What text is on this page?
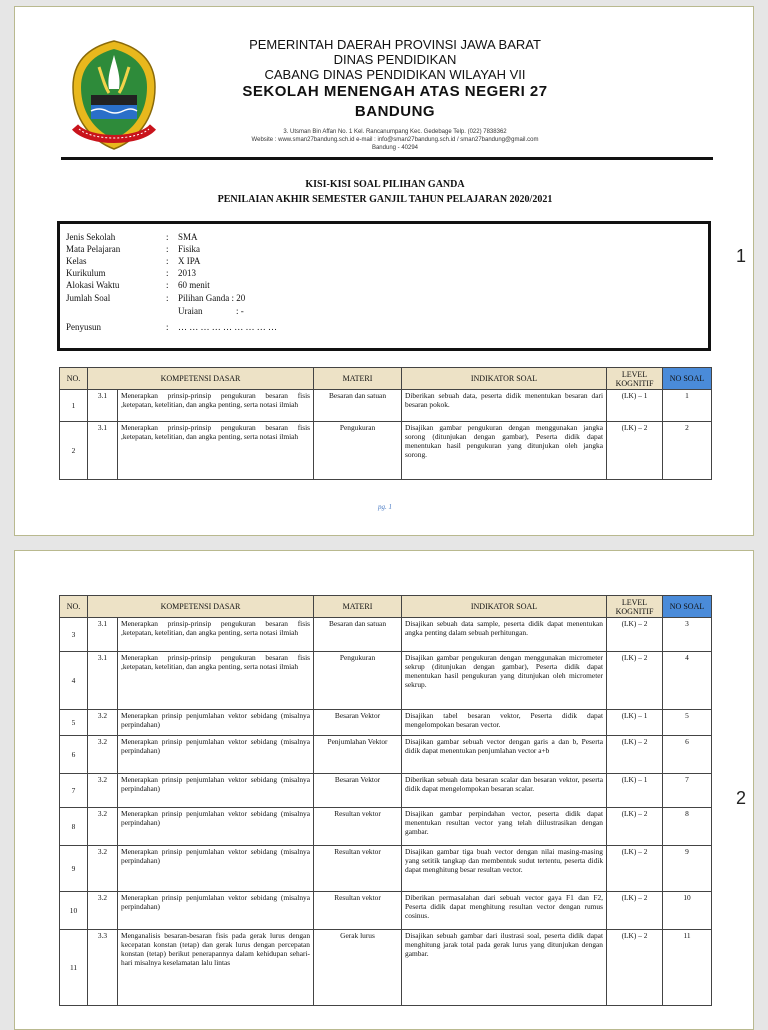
PEMERINTAH DAERAH PROVINSI JAWA BARAT
DINAS PENDIDIKAN
CABANG DINAS PENDIDIKAN WILAYAH VII
SEKOLAH MENENGAH ATAS NEGERI 27
BANDUNG
3. Utsman Bin Affan No. 1 Kel. Rancanumpang Kec. Gedebage Telp. (022) 7838362
Website : www.sman27bandung.sch.id e-mail : info@sman27bandung.sch.id / sman27bandung@gmail.com
Bandung - 40294
KISI-KISI SOAL PILIHAN GANDA
PENILAIAN AKHIR SEMESTER GANJIL TAHUN PELAJARAN 2020/2021
Jenis Sekolah	: SMA
Mata Pelajaran	: Fisika
Kelas	: X IPA
Kurikulum	: 2013
Alokasi Waktu	: 60 menit
Jumlah Soal	: Pilihan Ganda : 20
Uraian	: -
Penyusun	: … … … … … … … … …
NO.	KOMPETENSI DASAR		MATERI	INDIKATOR SOAL	LEVEL KOGNITIF	NO SOAL
1	3.1	Menerapkan prinsip-prinsip pengukuran besaran fisis ,ketepatan, ketelitian, dan angka penting, serta notasi ilmiah	Besaran dan satuan	Diberikan sebuah data, peserta didik menentukan besaran dari besaran pokok.	(LK) – 1	1
2	3.1	Menerapkan prinsip-prinsip pengukuran besaran fisis ,ketepatan, ketelitian, dan angka penting, serta notasi ilmiah	Pengukuran	Disajikan gambar pengukuran dengan menggunakan jangka sorong (ditunjukan dengan gambar), Peserta didik dapat menentukan hasil pengukuran yang ditunjukan oleh jangka sorong.	(LK) – 2	2
pg. 1
1
NO.	KOMPETENSI DASAR		MATERI	INDIKATOR SOAL	LEVEL KOGNITIF	NO SOAL
3	3.1	Menerapkan prinsip-prinsip pengukuran besaran fisis ,ketepatan, ketelitian, dan angka penting, serta notasi ilmiah	Besaran dan satuan	Disajikan sebuah data sample, peserta didik dapat menentukan angka penting dalam sebuah perhitungan.	(LK) – 2	3
4	3.1	Menerapkan prinsip-prinsip pengukuran besaran fisis ,ketepatan, ketelitian, dan angka penting, serta notasi ilmiah	Pengukuran	Disajikan gambar pengukuran dengan menggunakan micrometer sekrup (ditunjukan dengan gambar), Peserta didik dapat menentukan hasil pengukuran yang ditunjukan oleh micrometer sekrup.	(LK) – 2	4
5	3.2	Menerapkan prinsip penjumlahan vektor sebidang (misalnya perpindahan)	Besaran Vektor	Disajikan tabel besaran vektor, Peserta didik dapat mengelompokan besaran vector.	(LK) – 1	5
6	3.2	Menerapkan prinsip penjumlahan vektor sebidang (misalnya perpindahan)	Penjumlahan Vektor	Disajikan gambar sebuah vector dengan garis a dan b, Peserta didik dapat menentukan penjumlahan vector a+b	(LK) – 2	6
7	3.2	Menerapkan prinsip penjumlahan vektor sebidang (misalnya perpindahan)	Besaran Vektor	Diberikan sebuah data besaran scalar dan besaran vektor, peserta didik dapat mengelompokan besaran scalar.	(LK) – 1	7
8	3.2	Menerapkan prinsip penjumlahan vektor sebidang (misalnya perpindahan)	Resultan vektor	Disajikan gambar perpindahan vector, peserta didik dapat menentukan resultan vector yang telah diilustrasikan dengan gambar.	(LK) – 2	8
9	3.2	Menerapkan prinsip penjumlahan vektor sebidang (misalnya perpindahan)	Resultan vektor	Disajikan gambar tiga buah vector dengan nilai masing-masing yang setitik tangkap dan membentuk sudut tertentu, peserta didik dapat menghitung besar resultan vector.	(LK) – 2	9
10	3.2	Menerapkan prinsip penjumlahan vektor sebidang (misalnya perpindahan)	Resultan vektor	Diberikan permasalahan dari sebuah vector gaya F1 dan F2, Peserta didik dapat menghitung resultan vector dengan rumus cosinus.	(LK) – 2	10
11	3.3	Menganalisis besaran-besaran fisis pada gerak lurus dengan kecepatan konstan (tetap) dan gerak lurus dengan percepatan konstan (tetap) berikut penerapannya dalam kehidupan sehari-hari misalnya keselamatan lalu lintas	Gerak lurus	Disajikan sebuah gambar dari ilustrasi soal, peserta didik dapat menghitung jarak total pada gerak lurus yang ditunjukan dengan gambar.	(LK) – 2	11
2
